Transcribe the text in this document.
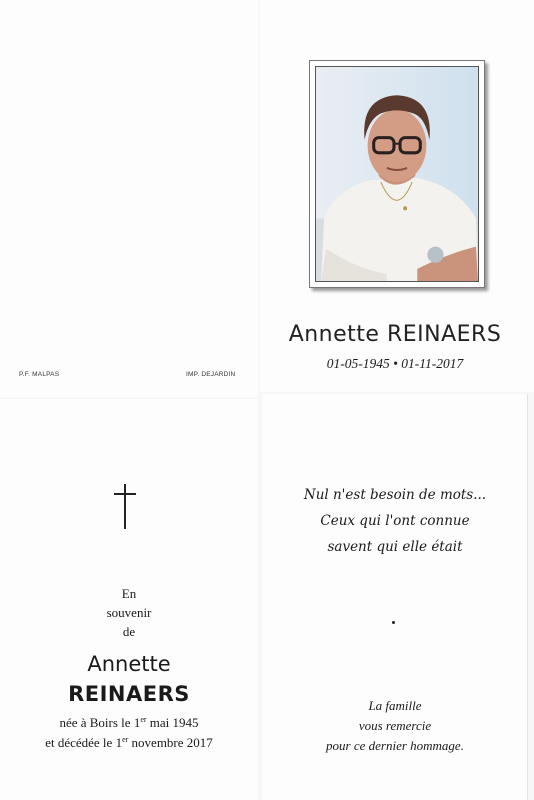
P.F. MALPAS	IMP. DEJARDIN
Annette REINAERS
01-05-1945 • 01-11-2017
En
souvenir
de
Annette
REINAERS
née à Boirs le 1er mai 1945
et décédée le 1er novembre 2017
Nul n'est besoin de mots...
Ceux qui l'ont connue
savent qui elle était
La famille
vous remercie
pour ce dernier hommage.
